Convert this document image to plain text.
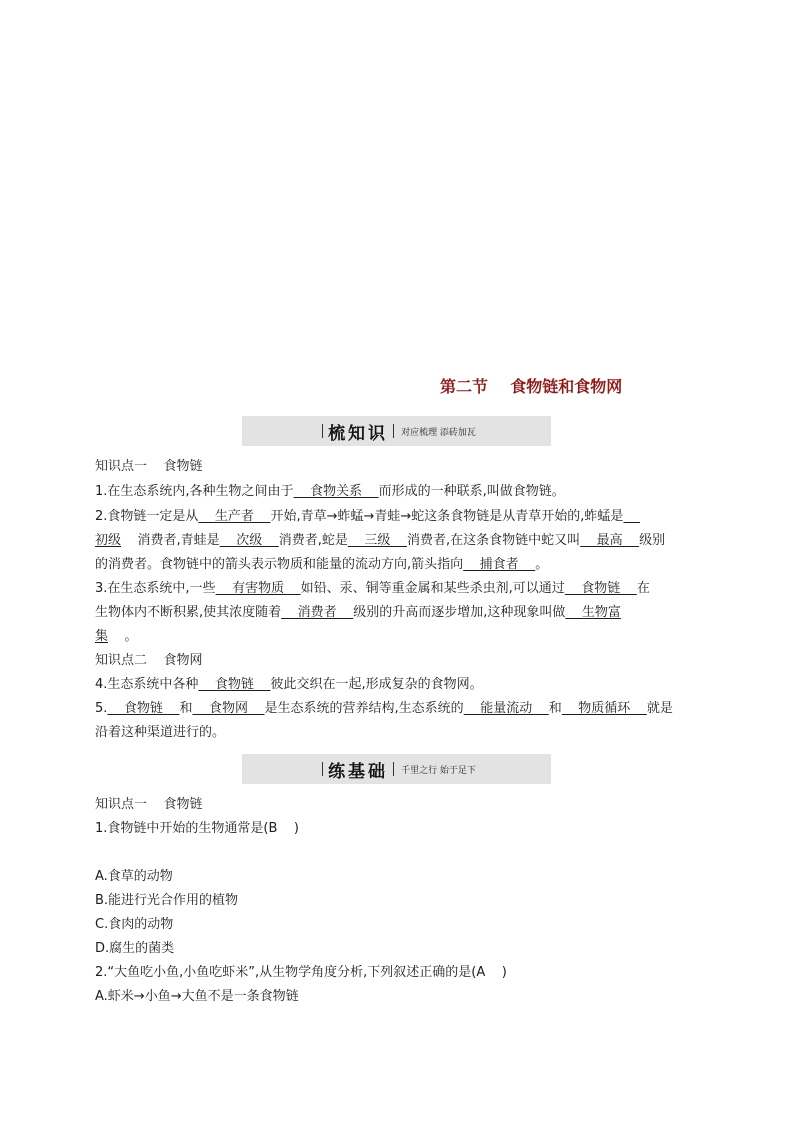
第二节    食物链和食物网
梳知识 对应梳理 添砖加瓦
知识点一    食物链
1.在生态系统内,各种生物之间由于    食物关系    而形成的一种联系,叫做食物链。
2.食物链一定是从    生产者    开始,青草→蚱蜢→青蛙→蛇这条食物链是从青草开始的,蚱蜢是
初级    消费者,青蛙是    次级    消费者,蛇是    三级    消费者,在这条食物链中蛇又叫    最高    级别
的消费者。食物链中的箭头表示物质和能量的流动方向,箭头指向    捕食者    。
3.在生态系统中,一些    有害物质    如铅、汞、铜等重金属和某些杀虫剂,可以通过    食物链    在
生物体内不断积累,使其浓度随着    消费者    级别的升高而逐步增加,这种现象叫做    生物富
集    。
知识点二    食物网
4.生态系统中各种    食物链    彼此交织在一起,形成复杂的食物网。
5.    食物链    和    食物网    是生态系统的营养结构,生态系统的    能量流动    和    物质循环    就是
沿着这种渠道进行的。
练基础 千里之行 始于足下
知识点一    食物链
1.食物链中开始的生物通常是(B    )
A.食草的动物
B.能进行光合作用的植物
C.食肉的动物
D.腐生的菌类
2.“大鱼吃小鱼,小鱼吃虾米”,从生物学角度分析,下列叙述正确的是(A    )
A.虾米→小鱼→大鱼不是一条食物链
